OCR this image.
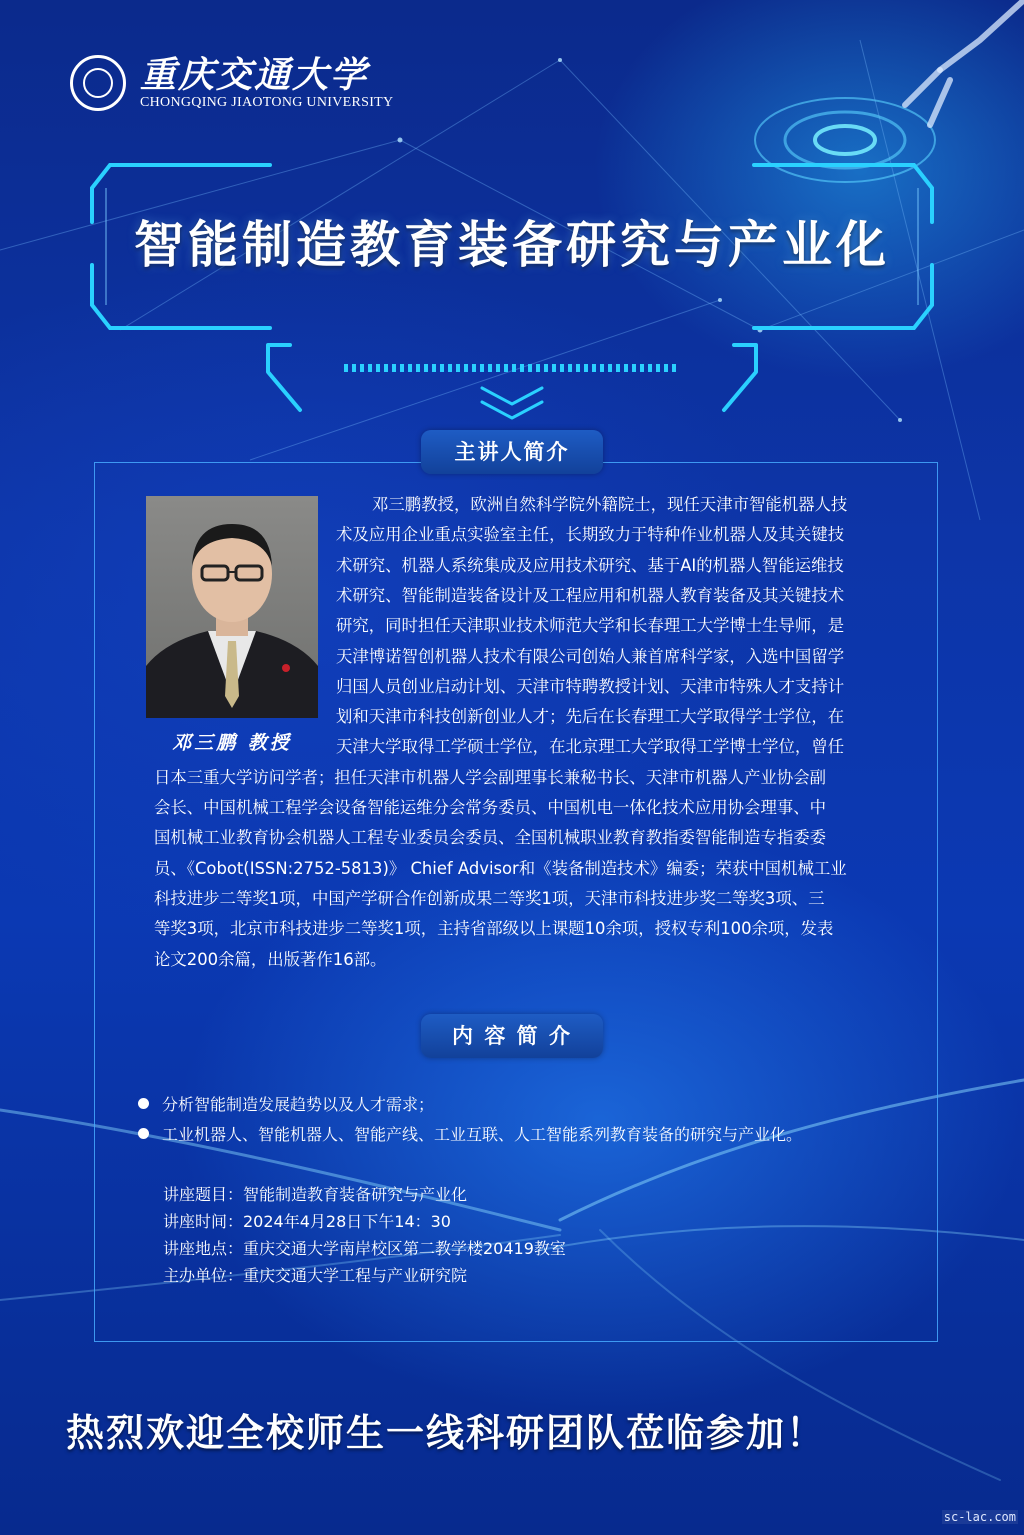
重庆交通大学
CHONGQING JIAOTONG UNIVERSITY
智能制造教育装备研究与产业化
主讲人简介
邓三鹏 教授
邓三鹏教授，欧洲自然科学院外籍院士，现任天津市智能机器人技
术及应用企业重点实验室主任，长期致力于特种作业机器人及其关键技
术研究、机器人系统集成及应用技术研究、基于AI的机器人智能运维技
术研究、智能制造装备设计及工程应用和机器人教育装备及其关键技术
研究，同时担任天津职业技术师范大学和长春理工大学博士生导师，是
天津博诺智创机器人技术有限公司创始人兼首席科学家，入选中国留学
归国人员创业启动计划、天津市特聘教授计划、天津市特殊人才支持计
划和天津市科技创新创业人才；先后在长春理工大学取得学士学位，在
天津大学取得工学硕士学位，在北京理工大学取得工学博士学位，曾任
日本三重大学访问学者；担任天津市机器人学会副理事长兼秘书长、天津市机器人产业协会副
会长、中国机械工程学会设备智能运维分会常务委员、中国机电一体化技术应用协会理事、中
国机械工业教育协会机器人工程专业委员会委员、全国机械职业教育教指委智能制造专指委委
员、《Cobot(ISSN:2752-5813)》 Chief Advisor和《装备制造技术》编委；荣获中国机械工业
科技进步二等奖1项，中国产学研合作创新成果二等奖1项，天津市科技进步奖二等奖3项、三
等奖3项，北京市科技进步二等奖1项，主持省部级以上课题10余项，授权专利100余项，发表
论文200余篇，出版著作16部。
内 容 简 介
分析智能制造发展趋势以及人才需求；
工业机器人、智能机器人、智能产线、工业互联、人工智能系列教育装备的研究与产业化。
讲座题目：智能制造教育装备研究与产业化
讲座时间：2024年4月28日下午14：30
讲座地点：重庆交通大学南岸校区第二教学楼20419教室
主办单位：重庆交通大学工程与产业研究院
热烈欢迎全校师生一线科研团队莅临参加！
sc-lac.com
